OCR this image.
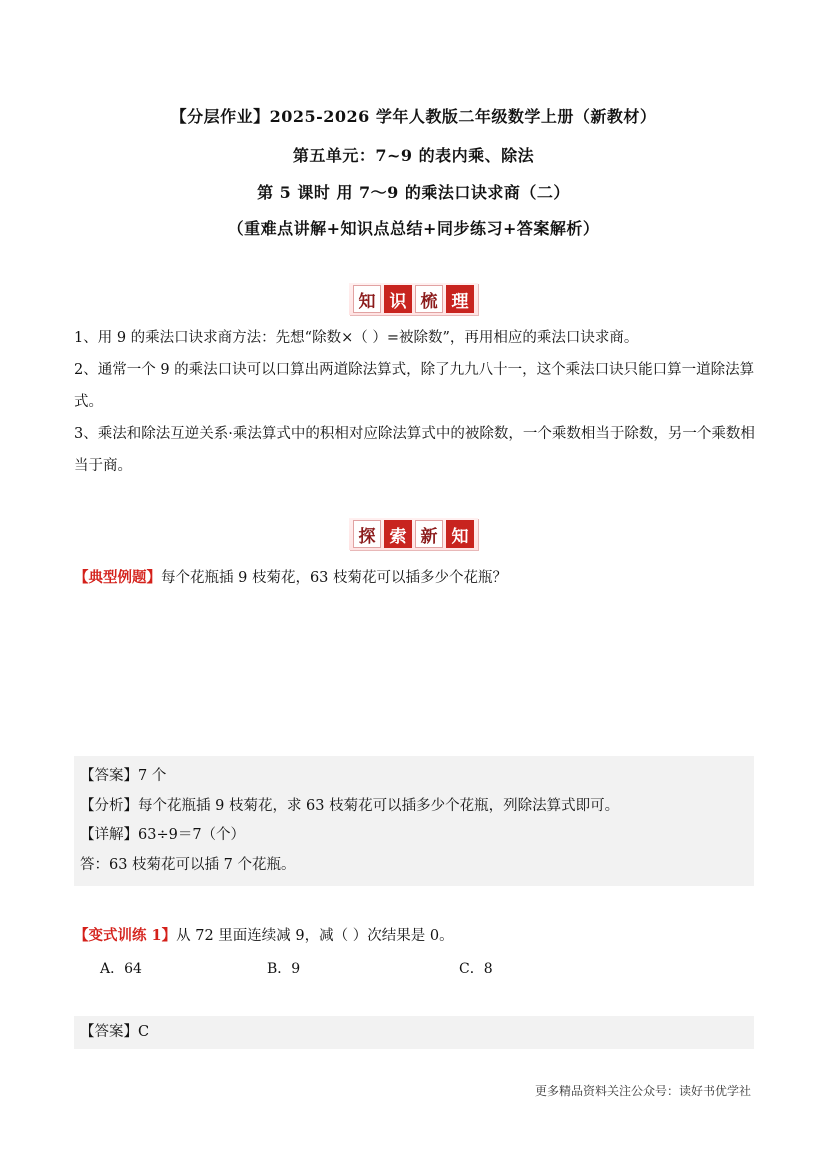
【分层作业】2025-2026 学年人教版二年级数学上册（新教材）
第五单元：7~9 的表内乘、除法
第 5 课时 用 7～9 的乘法口诀求商（二）
（重难点讲解+知识点总结+同步练习+答案解析）
知 识 梳 理
1、用 9 的乘法口诀求商方法：先想“除数×（ ）=被除数”，再用相应的乘法口诀求商。
2、通常一个 9 的乘法口诀可以口算出两道除法算式，除了九九八十一，这个乘法口诀只能口算一道除法算式。
3、乘法和除法互逆关系·乘法算式中的积相对应除法算式中的被除数，一个乘数相当于除数，另一个乘数相当于商。
探 索 新 知
【典型例题】每个花瓶插 9 枝菊花，63 枝菊花可以插多少个花瓶？
【答案】7 个
【分析】每个花瓶插 9 枝菊花，求 63 枝菊花可以插多少个花瓶，列除法算式即可。
【详解】63÷9＝7（个）
答：63 枝菊花可以插 7 个花瓶。
【变式训练 1】从 72 里面连续减 9，减（ ）次结果是 0。
A．64	B．9	C．8
【答案】C
更多精品资料关注公众号：读好书优学社
